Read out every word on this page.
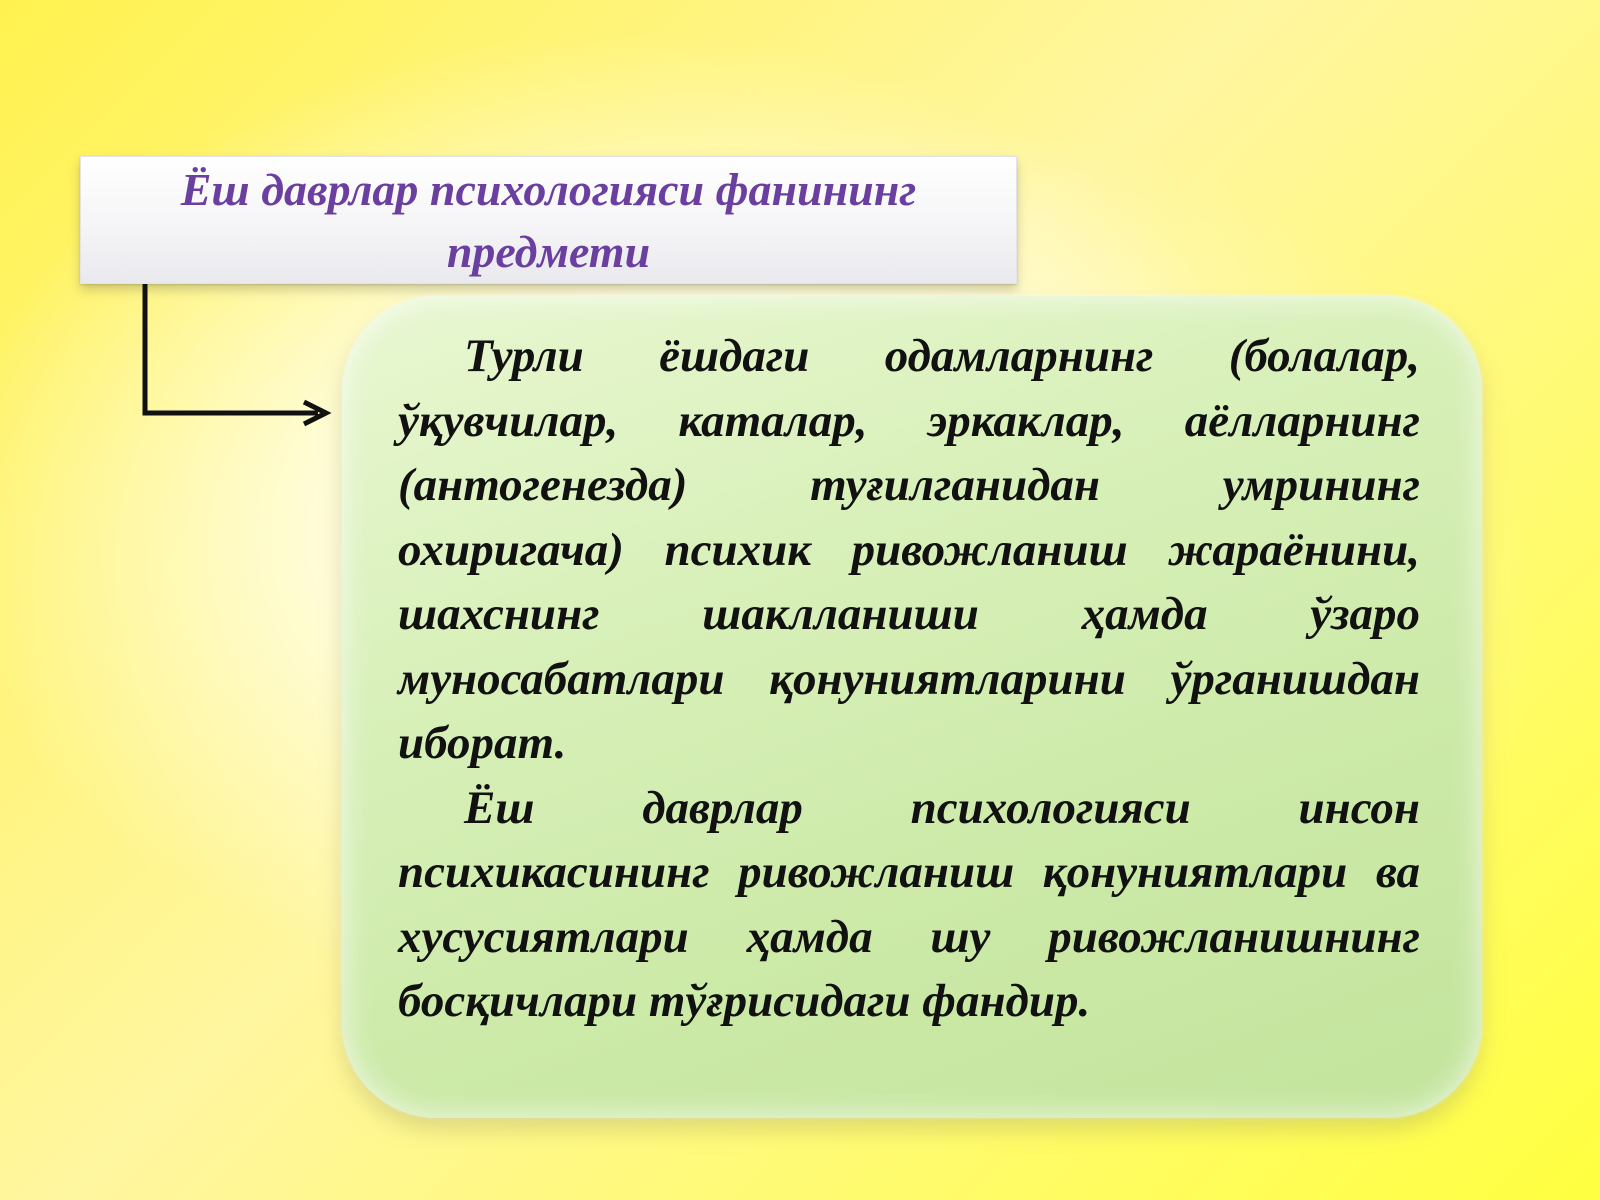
Ёш даврлар психологияси фанининг предмети

Турли ёшдаги одамларнинг (болалар, ўқувчилар, каталар, эркаклар, аёлларнинг (антогенезда) туғилганидан умрининг охиригача) психик ривожланиш жараёнини, шахснинг шаклланиши ҳамда ўзаро муносабатлари қонуниятларини ўрганишдан иборат.

Ёш даврлар психологияси инсон психикасининг ривожланиш қонуниятлари ва хусусиятлари ҳамда шу ривожланишнинг босқичлари тўғрисидаги фандир.
